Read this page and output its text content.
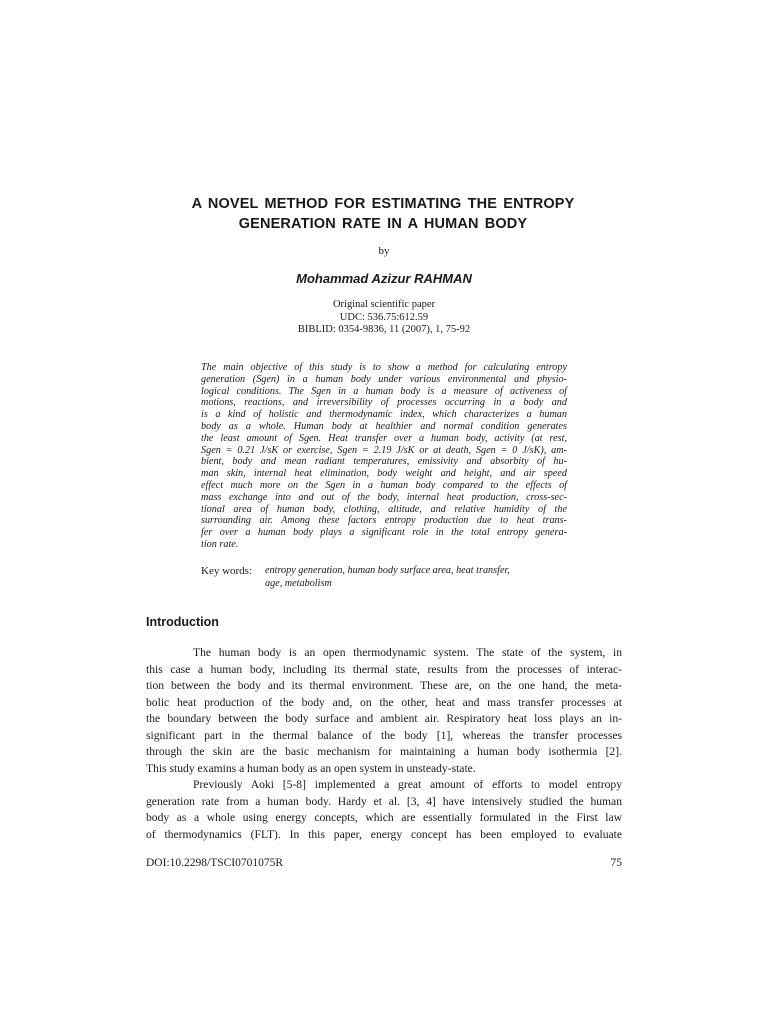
A NOVEL METHOD FOR ESTIMATING THE ENTROPY
GENERATION RATE IN A HUMAN BODY
by
Mohammad Azizur RAHMAN
Original scientific paper
UDC: 536.75:612.59
BIBLID: 0354-9836, 11 (2007), 1, 75-92
The main objective of this study is to show a method for calculating entropy
generation (Sgen) in a human body under various environmental and physio-
logical conditions. The Sgen in a human body is a measure of activeness of
motions, reactions, and irreversibility of processes occurring in a body and
is a kind of holistic and thermodynamic index, which characterizes a human
body as a whole. Human body at healthier and normal condition generates
the least amount of Sgen. Heat transfer over a human body, activity (at rest,
Sgen = 0.21 J/sK or exercise, Sgen = 2.19 J/sK or at death, Sgen = 0 J/sK), am-
bient, body and mean radiant temperatures, emissivity and absorbity of hu-
man skin, internal heat elimination, body weight and height, and air speed
effect much more on the Sgen in a human body compared to the effects of
mass exchange into and out of the body, internal heat production, cross-sec-
tional area of human body, clothing, altitude, and relative humidity of the
surrounding air. Among these factors entropy production due to heat trans-
fer over a human body plays a significant role in the total entropy genera-
tion rate.
Key words: entropy generation, human body surface area, heat transfer,
age, metabolism
Introduction
The human body is an open thermodynamic system. The state of the system, in
this case a human body, including its thermal state, results from the processes of interac-
tion between the body and its thermal environment. These are, on the one hand, the meta-
bolic heat production of the body and, on the other, heat and mass transfer processes at
the boundary between the body surface and ambient air. Respiratory heat loss plays an in-
significant part in the thermal balance of the body [1], whereas the transfer processes
through the skin are the basic mechanism for maintaining a human body isothermia [2].
This study examins a human body as an open system in unsteady-state.
Previously Aoki [5-8] implemented a great amount of efforts to model entropy
generation rate from a human body. Hardy et al. [3, 4] have intensively studied the human
body as a whole using energy concepts, which are essentially formulated in the First law
of thermodynamics (FLT). In this paper, energy concept has been employed to evaluate
DOI:10.2298/TSCI0701075R	75
